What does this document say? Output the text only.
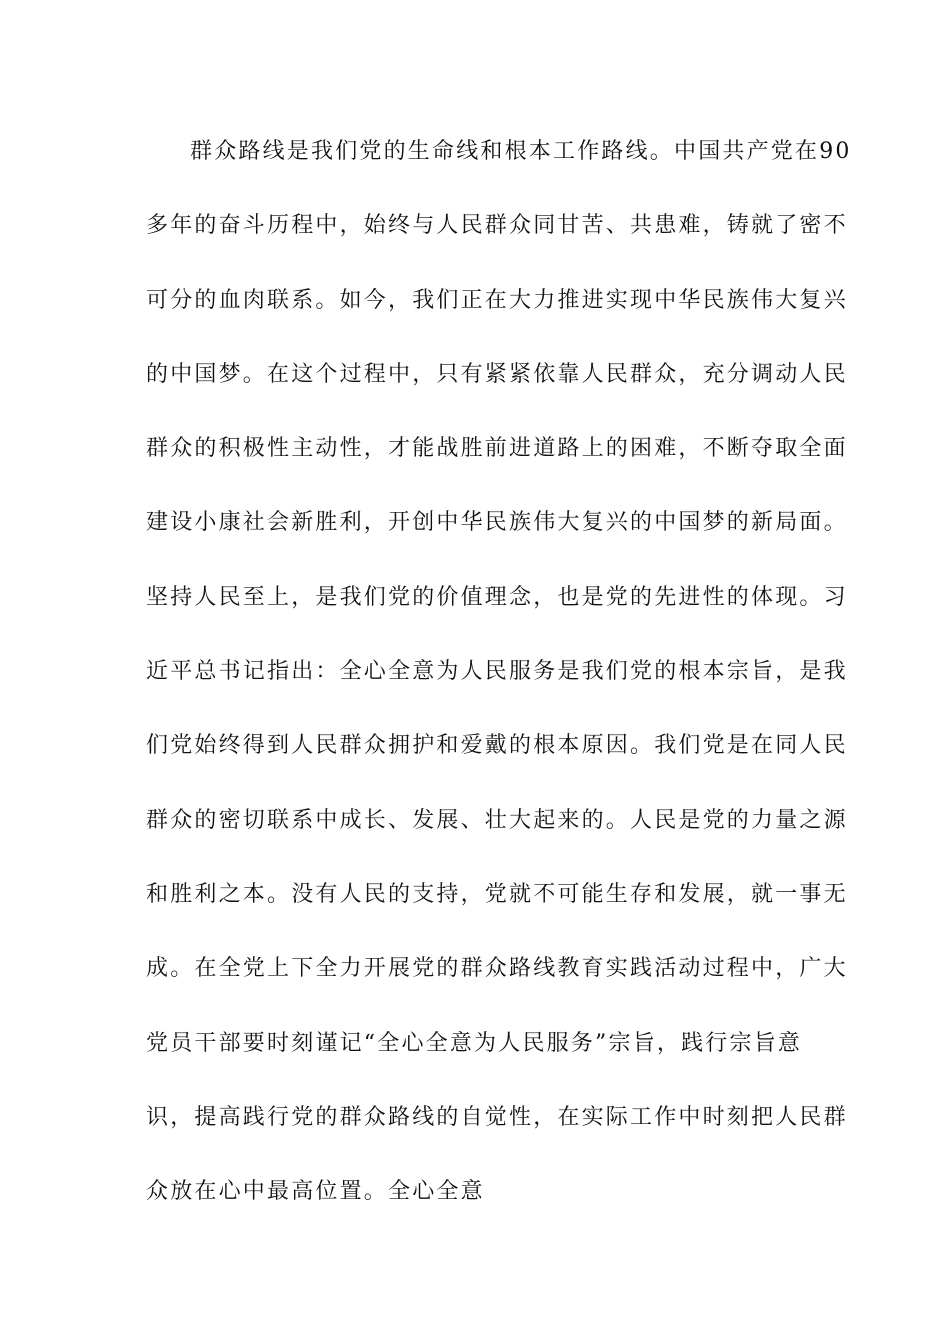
群众路线是我们党的生命线和根本工作路线。中国共产党在90
多年的奋斗历程中，始终与人民群众同甘苦、共患难，铸就了密不
可分的血肉联系。如今，我们正在大力推进实现中华民族伟大复兴
的中国梦。在这个过程中，只有紧紧依靠人民群众，充分调动人民
群众的积极性主动性，才能战胜前进道路上的困难，不断夺取全面
建设小康社会新胜利，开创中华民族伟大复兴的中国梦的新局面。
坚持人民至上，是我们党的价值理念，也是党的先进性的体现。习
近平总书记指出：全心全意为人民服务是我们党的根本宗旨，是我
们党始终得到人民群众拥护和爱戴的根本原因。我们党是在同人民
群众的密切联系中成长、发展、壮大起来的。人民是党的力量之源
和胜利之本。没有人民的支持，党就不可能生存和发展，就一事无
成。在全党上下全力开展党的群众路线教育实践活动过程中，广大
党员干部要时刻谨记“全心全意为人民服务”宗旨，践行宗旨意
识，提高践行党的群众路线的自觉性，在实际工作中时刻把人民群
众放在心中最高位置。全心全意
